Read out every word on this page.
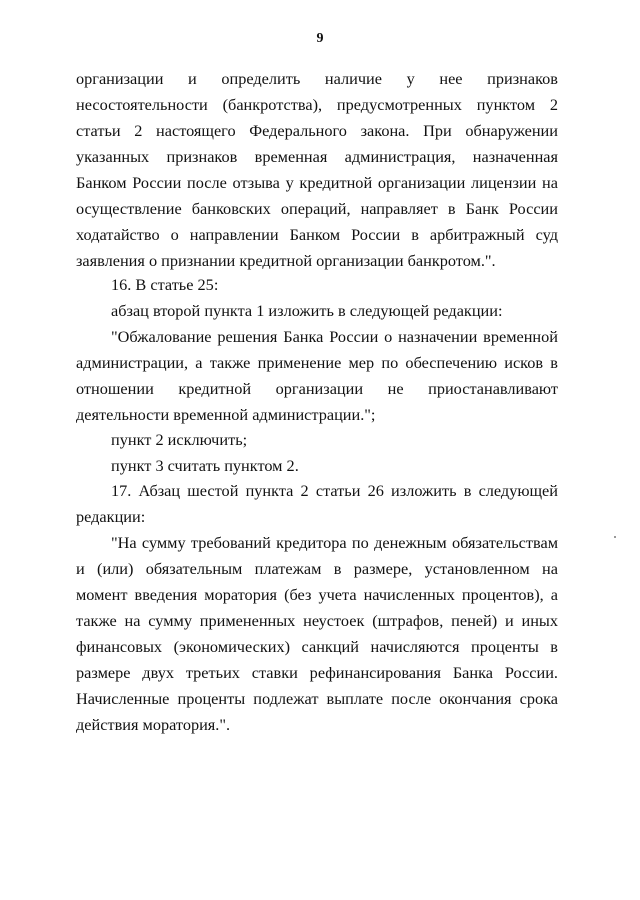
9
организации и определить наличие у нее признаков
несостоятельности (банкротства), предусмотренных пунктом 2
статьи 2 настоящего Федерального закона. При обнаружении
указанных признаков временная администрация, назначенная
Банком России после отзыва у кредитной организации лицензии на
осуществление банковских операций, направляет в Банк России
ходатайство о направлении Банком России в арбитражный суд
заявления о признании кредитной организации банкротом.".
16. В статье 25:
абзац второй пункта 1 изложить в следующей редакции:
"Обжалование решения Банка России о назначении временной
администрации, а также применение мер по обеспечению исков в
отношении кредитной организации не приостанавливают
деятельности временной администрации.";
пункт 2 исключить;
пункт 3 считать пунктом 2.
17. Абзац шестой пункта 2 статьи 26 изложить в следующей
редакции:
"На сумму требований кредитора по денежным обязательствам
и (или) обязательным платежам в размере, установленном на
момент введения моратория (без учета начисленных процентов), а
также на сумму примененных неустоек (штрафов, пеней) и иных
финансовых (экономических) санкций начисляются проценты в
размере двух третьих ставки рефинансирования Банка России.
Начисленные проценты подлежат выплате после окончания срока
действия моратория.".
